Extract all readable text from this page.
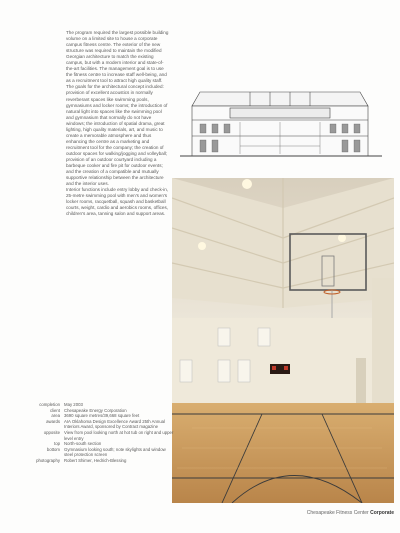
The program required the largest possible building volume on a limited site to house a corporate campus fitness centre. The exterior of the new structure was required to maintain the modified Georgian architecture to match the existing campus, but with a modern interior and state-of-the-art facilities. The management goal is to use the fitness centre to increase staff well-being, and as a recruitment tool to attract high quality staff.

The goals for the architectural concept included: provision of excellent acoustics in normally reverberant spaces like swimming pools, gymnasiums and locker rooms; the introduction of natural light into spaces like the swimming pool and gymnasium that normally do not have windows; the introduction of spatial drama, great lighting, high quality materials, art, and music to create a memorable atmosphere and thus enhancing the centre as a marketing and recruitment tool for the company; the creation of outdoor spaces for walking/jogging and volleyball; provision of an outdoor courtyard including a barbeque cooker and fire pit for outdoor events; and the creation of a compatible and mutually supportive relationship between the architecture and the interior uses.

Interior functions include entry lobby and check-in, 25-metre swimming pool with men's and women's locker rooms, racquetball, squash and basketball courts, weight, cardio and aerobics rooms, offices, children's area, tanning salon and support areas.

completion May 2003
client Chesapeake Energy Corporation
area 3690 square metres/39,668 square feet
awards AIA Oklahoma Design Excellence Award 25th Annual Interiors Award, sponsored by Contract magazine
opposite View from pool looking north at hot tub on right and upper level entry
top North-south section
bottom Gymnasium looking south; note skylights and window steel protection screen
photography Robert Shimer, Hedrich-Blessing
Chesapeake Fitness Center Corporate
